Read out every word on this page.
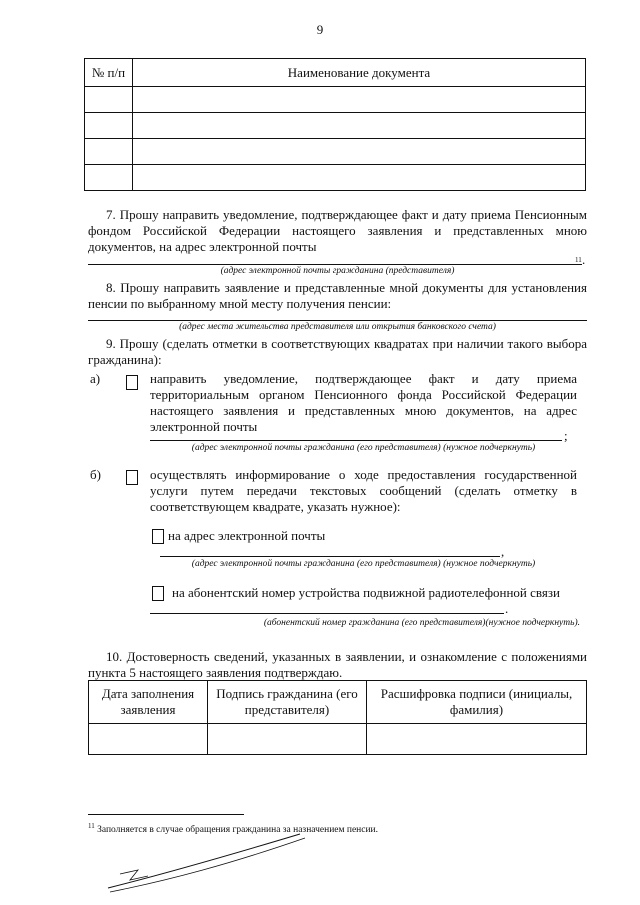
9
№ п/п	Наименование документа

7. Прошу направить уведомление, подтверждающее факт и дату приема Пенсионным фондом Российской Федерации настоящего заявления и представленных мною документов, на адрес электронной почты
11 .
(адрес электронной почты гражданина (представителя)
8. Прошу направить заявление и представленные мной документы для установления пенсии по выбранному мной месту получения пенсии:
(адрес места жительства представителя или открытия банковского счета)
9. Прошу (сделать отметки в соответствующих квадратах при наличии такого выбора гражданина):
а)	направить уведомление, подтверждающее факт и дату приема территориальным органом Пенсионного фонда Российской Федерации настоящего заявления и представленных мною документов, на адрес электронной почты
;
(адрес электронной почты гражданина (его представителя) (нужное подчеркнуть)
б)	осуществлять информирование о ходе предоставления государственной услуги путем передачи текстовых сообщений (сделать отметку в соответствующем квадрате, указать нужное):
на адрес электронной почты
,
(адрес электронной почты гражданина (его представителя) (нужное подчеркнуть)
на абонентский номер устройства подвижной радиотелефонной связи
.
(абонентский номер гражданина (его представителя)(нужное подчеркнуть).
10. Достоверность сведений, указанных в заявлении, и ознакомление с положениями пункта 5 настоящего заявления подтверждаю.
Дата заполнения заявления	Подпись гражданина (его представителя)	Расшифровка подписи (инициалы, фамилия)

$^{11}$ Заполняется в случае обращения гражданина за назначением пенсии.
